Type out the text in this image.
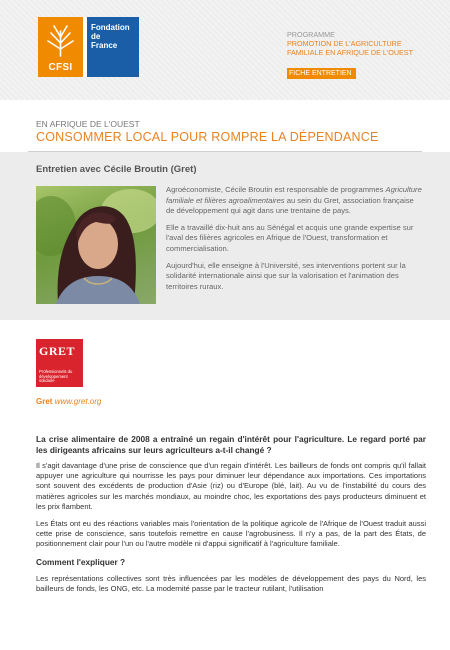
CFSI
Fondation
de
France
PROGRAMME
PROMOTION DE L'AGRICULTURE
FAMILIALE EN AFRIQUE DE L'OUEST
FICHE ENTRETIEN
EN AFRIQUE DE L'OUEST
CONSOMMER LOCAL POUR ROMPRE LA DÉPENDANCE
Entretien avec Cécile Broutin (Gret)

Agroéconomiste, Cécile Broutin est responsable de programmes Agriculture familiale et filières agroalimentaires au sein du Gret, association française de développement qui agit dans une trentaine de pays.

Elle a travaillé dix-huit ans au Sénégal et acquis une grande expertise sur l'aval des filières agricoles en Afrique de l'Ouest, transformation et commercialisation.

Aujourd'hui, elle enseigne à l'Université, ses interventions portent sur la solidarité internationale ainsi que sur la valorisation et l'animation des territoires ruraux.

GRET
Professionnels du développement solidaire
Gret www.gret.org

La crise alimentaire de 2008 a entraîné un regain d'intérêt pour l'agriculture. Le regard porté par les dirigeants africains sur leurs agriculteurs a-t-il changé ?

Il s'agit davantage d'une prise de conscience que d'un regain d'intérêt. Les bailleurs de fonds ont compris qu'il fallait appuyer une agriculture qui nourrisse les pays pour diminuer leur dépendance aux importations. Ces importations sont souvent des excédents de production d'Asie (riz) ou d'Europe (blé, lait). Au vu de l'instabilité du cours des matières agricoles sur les marchés mondiaux, au moindre choc, les exportations des pays producteurs diminuent et les prix flambent.

Les États ont eu des réactions variables mais l'orientation de la politique agricole de l'Afrique de l'Ouest traduit aussi cette prise de conscience, sans toutefois remettre en cause l'agrobusiness. Il n'y a pas, de la part des États, de positionnement clair pour l'un ou l'autre modèle ni d'appui significatif à l'agriculture familiale.

Comment l'expliquer ?

Les représentations collectives sont très influencées par les modèles de développement des pays du Nord, les bailleurs de fonds, les ONG, etc. La modernité passe par le tracteur rutilant, l'utilisation
